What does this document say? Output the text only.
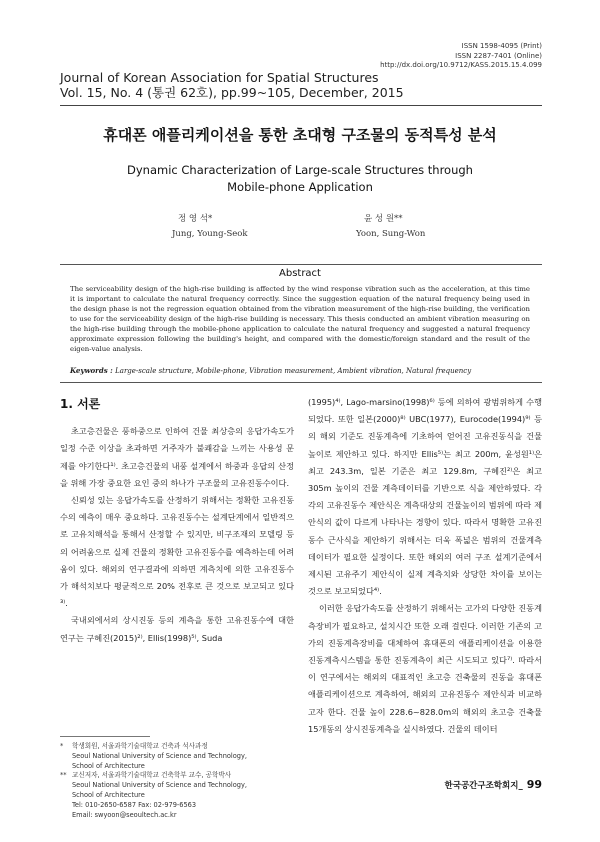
ISSN 1598-4095 (Print)
ISSN 2287-7401 (Online)
http://dx.doi.org/10.9712/KASS.2015.15.4.099
Journal of Korean Association for Spatial Structures
Vol. 15, No. 4 (통권 62호), pp.99~105, December, 2015
휴대폰 애플리케이션을 통한 초대형 구조물의 동적특성 분석
Dynamic Characterization of Large-scale Structures through
Mobile-phone Application
정 영 석*
Jung, Young-Seok
윤 성 원**
Yoon, Sung-Won
Abstract
The serviceability design of the high-rise building is affected by the wind response vibration such as the acceleration, at this time it is important to calculate the natural frequency correctly. Since the suggestion equation of the natural frequency being used in the design phase is not the regression equation obtained from the vibration measurement of the high-rise building, the verification to use for the serviceability design of the high-rise building is necessary. This thesis conducted an ambient vibration measuring on the high-rise building through the mobile-phone application to calculate the natural frequency and suggested a natural frequency approximate expression following the building's height, and compared with the domestic/foreign standard and the result of the eigen-value analysis.
Keywords : Large-scale structure, Mobile-phone, Vibration measurement, Ambient vibration, Natural frequency
1. 서론

초고층건물은 풍하중으로 인하여 건물 최상층의 응답가속도가 일정 수준 이상을 초과하면 거주자가 불쾌감을 느끼는 사용성 문제를 야기한다¹⁾. 초고층건물의 내풍 설계에서 하중과 응답의 산정을 위해 가장 중요한 요인 중의 하나가 구조물의 고유진동수이다.

신뢰성 있는 응답가속도를 산정하기 위해서는 정확한 고유진동수의 예측이 매우 중요하다. 고유진동수는 설계단계에서 일반적으로 고유치해석을 통해서 산정할 수 있지만, 비구조재의 모델링 등의 어려움으로 실제 건물의 정확한 고유진동수를 예측하는데 어려움이 있다. 해외의 연구결과에 의하면 계측치에 의한 고유진동수가 해석치보다 평균적으로 20% 전후로 큰 것으로 보고되고 있다³⁾.

국내외에서의 상시진동 등의 계측을 통한 고유진동수에 대한 연구는 구혜진(2015)²⁾, Ellis(1998)⁵⁾, Suda

(1995)⁴⁾, Lago-marsino(1998)⁶⁾ 등에 의하여 광범위하게 수행되었다. 또한 일본(2000)⁸⁾ UBC(1977), Eurocode(1994)⁹⁾ 등의 해외 기준도 진동계측에 기초하여 얻어진 고유진동식을 건물 높이로 제안하고 있다. 하지만 Ellis⁵⁾는 최고 200m, 윤성원¹⁾은 최고 243.3m, 일본 기준은 최고 129.8m, 구혜진²⁾은 최고 305m 높이의 건물 계측데이터를 기반으로 식을 제안하였다. 각각의 고유진동수 제안식은 계측대상의 건물높이의 범위에 따라 제안식의 값이 다르게 나타나는 경향이 있다. 따라서 명확한 고유진동수 근사식을 제안하기 위해서는 더욱 폭넓은 범위의 건물계측 데이터가 필요한 실정이다. 또한 해외의 여러 구조 설계기준에서 제시된 고유주기 제안식이 실제 계측치와 상당한 차이를 보이는 것으로 보고되었다⁴⁾.

이러한 응답가속도를 산정하기 위해서는 고가의 다양한 진동계측장비가 필요하고, 설치시간 또한 오래 걸린다. 이러한 기존의 고가의 진동계측장비를 대체하여 휴대폰의 애플리케이션을 이용한 진동계측시스템을 통한 진동계측이 최근 시도되고 있다⁷⁾. 따라서 이 연구에서는 해외의 대표적인 초고층 건축물의 진동을 휴대폰 애플리케이션으로 계측하여, 해외의 고유진동수 제안식과 비교하고자 한다. 건물 높이 228.6~828.0m의 해외의 초고층 건축물 15개동의 상시진동계측을 실시하였다. 건물의 데이터

*	학생회원, 서울과학기술대학교 건축과 석사과정
Seoul National University of Science and Technology,
School of Architecture
** 교신저자, 서울과학기술대학교 건축학부 교수, 공학박사
Seoul National University of Science and Technology,
School of Architecture
Tel: 010-2650-6587 Fax: 02-979-6563
Email: swyoon@seoultech.ac.kr
한국공간구조학회지_ 99
